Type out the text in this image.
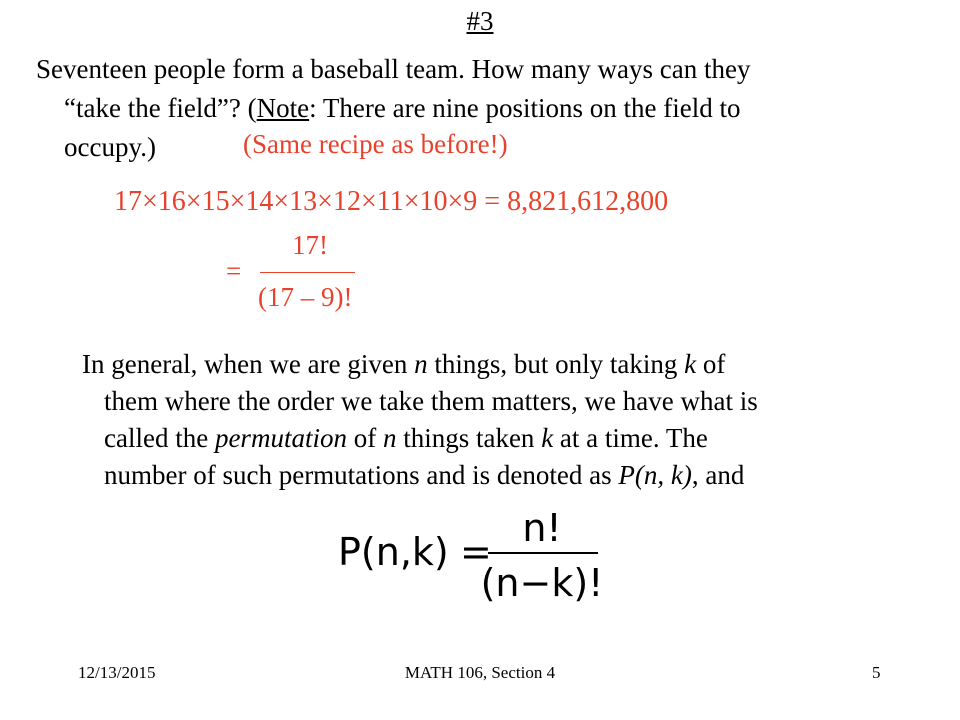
#3
Seventeen people form a baseball team. How many ways can they
“take the field”? (Note: There are nine positions on the field to
occupy.)	(Same recipe as before!)
17×16×15×14×13×12×11×10×9 = 8,821,612,800
=
17!
(17 – 9)!
In general, when we are given n things, but only taking k of
them where the order we take them matters, we have what is
called the permutation of n things taken k at a time. The
number of such permutations and is denoted as P(n, k), and
P(n,k) =
n!
(n−k)!
12/13/2015	MATH 106, Section 4	5
